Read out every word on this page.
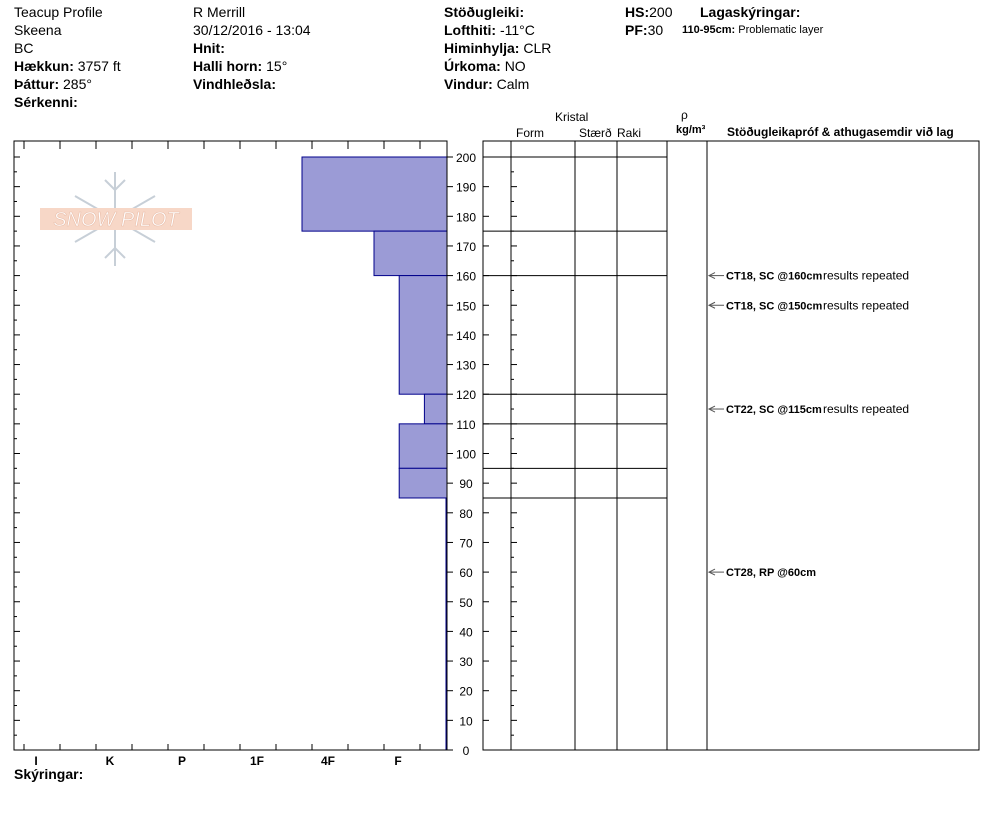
Teacup Profile
Skeena
BC
Hækkun: 3757 ft
Þáttur: 285°
Sérkenni:
R Merrill
30/12/2016 - 13:04
Hnit:
Halli horn: 15°
Vindhleðsla:
Stöðugleiki:
Lofthiti: -11°C
Himinhylja: CLR
Úrkoma: NO
Vindur: Calm
HS:200
PF:30
Lagaskýringar:
110-95cm: Problematic layer
Kristal
Form	Stærð Raki
ρ
kg/m³ Stöðugleikapróf & athugasemdir við lag
Skýringar:
SNOW PILOT
0
10
20
30
40
50
60
70
80
90
100
110
120
130
140
150
160
170
180
190
200
I	K	P	1F	4F	F
CT18, SC @160cm results repeated
CT18, SC @150cm results repeated
CT22, SC @115cm results repeated
CT28, RP @60cm
